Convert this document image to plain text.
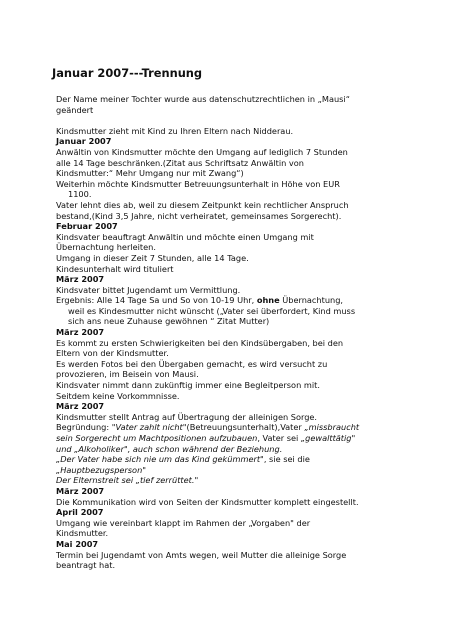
Januar 2007---Trennung

Der Name meiner Tochter wurde aus datenschutzrechtlichen in „Mausi“

geändert

Kindsmutter zieht mit Kind zu Ihren Eltern nach Nidderau.

Januar 2007

Anwältin von Kindsmutter möchte den Umgang auf lediglich 7 Stunden

alle 14 Tage beschränken.(Zitat aus Schriftsatz Anwältin von

Kindsmutter:“ Mehr Umgang nur mit Zwang“)

Weiterhin möchte Kindsmutter Betreuungsunterhalt in Höhe von EUR

1100.

Vater lehnt dies ab, weil zu diesem Zeitpunkt kein rechtlicher Anspruch

bestand,(Kind 3,5 Jahre, nicht verheiratet, gemeinsames Sorgerecht).

Februar 2007

Kindsvater beauftragt Anwältin und möchte einen Umgang mit

Übernachtung herleiten.

Umgang in dieser Zeit 7 Stunden, alle 14 Tage.

Kindesunterhalt wird tituliert

März 2007

Kindsvater bittet Jugendamt um Vermittlung.

Ergebnis: Alle 14 Tage Sa und So von 10-19 Uhr, ohne Übernachtung,

weil es Kindesmutter nicht wünscht („Vater sei überfordert, Kind muss

sich ans neue Zuhause gewöhnen “ Zitat Mutter)

März 2007

Es kommt zu ersten Schwierigkeiten bei den Kindsübergaben, bei den

Eltern von der Kindsmutter.

Es werden Fotos bei den Übergaben gemacht, es wird versucht zu

provozieren, im Beisein von Mausi.

Kindsvater nimmt dann zukünftig immer eine Begleitperson mit.

Seitdem keine Vorkommnisse.

März 2007

Kindsmutter stellt Antrag auf Übertragung der alleinigen Sorge.

Begründung: "Vater zahlt nicht"(Betreuungsunterhalt),Vater „missbraucht

sein Sorgerecht um Machtpositionen aufzubauen, Vater sei „gewalttätig"

und „Alkoholiker", auch schon während der Beziehung.

„Der Vater habe sich nie um das Kind gekümmert", sie sei die

„Hauptbezugsperson"

Der Elternstreit sei „tief zerrüttet."

März 2007

Die Kommunikation wird von Seiten der Kindsmutter komplett eingestellt.

April 2007

Umgang wie vereinbart klappt im Rahmen der „Vorgaben" der

Kindsmutter.

Mai 2007

Termin bei Jugendamt von Amts wegen, weil Mutter die alleinige Sorge

beantragt hat.
